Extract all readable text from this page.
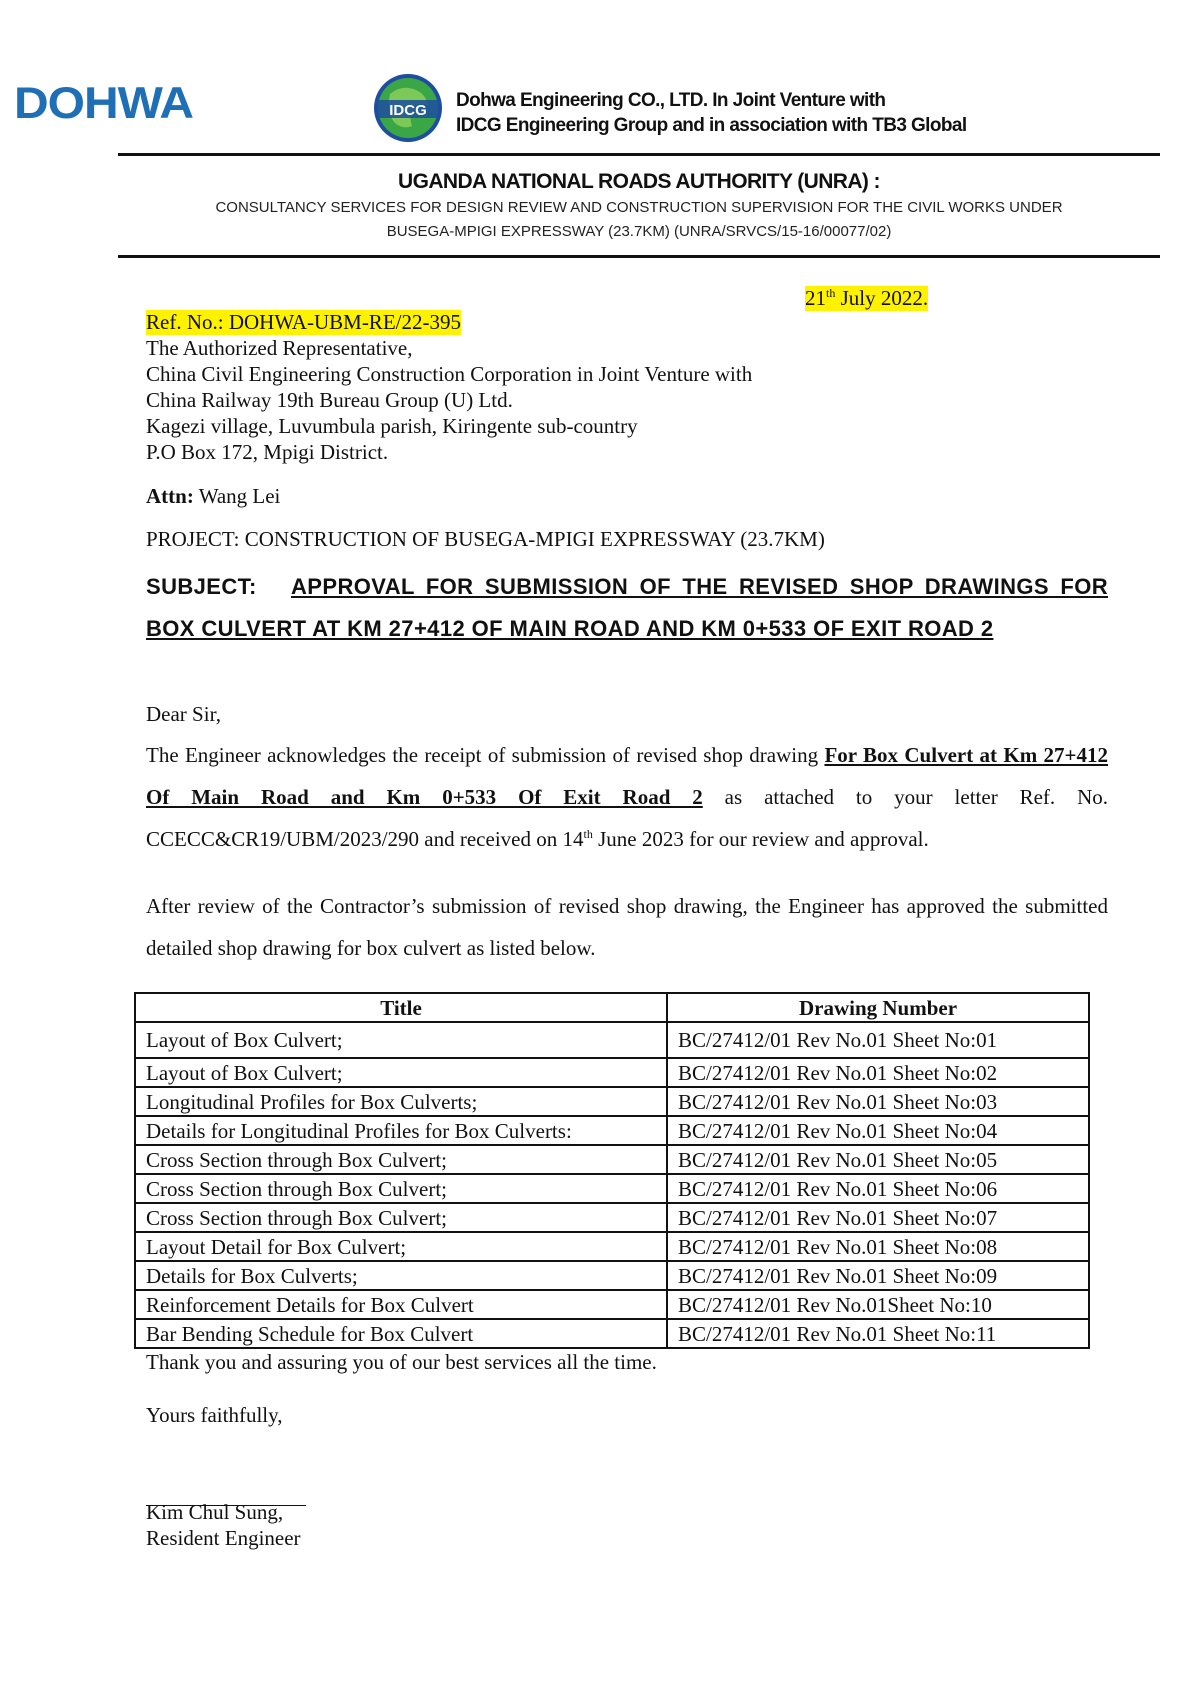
DOHWA	IDCG Dohwa Engineering CO., LTD. In Joint Venture with
IDCG Engineering Group and in association with TB3 Global
UGANDA NATIONAL ROADS AUTHORITY (UNRA) :
CONSULTANCY SERVICES FOR DESIGN REVIEW AND CONSTRUCTION SUPERVISION FOR THE CIVIL WORKS UNDER
BUSEGA-MPIGI EXPRESSWAY (23.7KM) (UNRA/SRVCS/15-16/00077/02)
21th July 2022.
Ref. No.: DOHWA-UBM-RE/22-395
The Authorized Representative,
China Civil Engineering Construction Corporation in Joint Venture with
China Railway 19th Bureau Group (U) Ltd.
Kagezi village, Luvumbula parish, Kiringente sub-country
P.O Box 172, Mpigi District.
Attn: Wang Lei
PROJECT: CONSTRUCTION OF BUSEGA-MPIGI EXPRESSWAY (23.7KM)
SUBJECT: APPROVAL FOR SUBMISSION OF THE REVISED SHOP DRAWINGS FOR BOX CULVERT AT KM 27+412 OF MAIN ROAD AND KM 0+533 OF EXIT ROAD 2
Dear Sir,
The Engineer acknowledges the receipt of submission of revised shop drawing For Box Culvert at Km 27+412 Of Main Road and Km 0+533 Of Exit Road 2 as attached to your letter Ref. No. CCECC&CR19/UBM/2023/290 and received on 14th June 2023 for our review and approval.
After review of the Contractor’s submission of revised shop drawing, the Engineer has approved the submitted detailed shop drawing for box culvert as listed below.
Title	Drawing Number
Layout of Box Culvert;	BC/27412/01 Rev No.01 Sheet No:01
Layout of Box Culvert;	BC/27412/01 Rev No.01 Sheet No:02
Longitudinal Profiles for Box Culverts;	BC/27412/01 Rev No.01 Sheet No:03
Details for Longitudinal Profiles for Box Culverts:	BC/27412/01 Rev No.01 Sheet No:04
Cross Section through Box Culvert;	BC/27412/01 Rev No.01 Sheet No:05
Cross Section through Box Culvert;	BC/27412/01 Rev No.01 Sheet No:06
Cross Section through Box Culvert;	BC/27412/01 Rev No.01 Sheet No:07
Layout Detail for Box Culvert;	BC/27412/01 Rev No.01 Sheet No:08
Details for Box Culverts;	BC/27412/01 Rev No.01 Sheet No:09
Reinforcement Details for Box Culvert	BC/27412/01 Rev No.01Sheet No:10
Bar Bending Schedule for Box Culvert	BC/27412/01 Rev No.01 Sheet No:11
Thank you and assuring you of our best services all the time.
Yours faithfully,
Kim Chul Sung,
Resident Engineer
